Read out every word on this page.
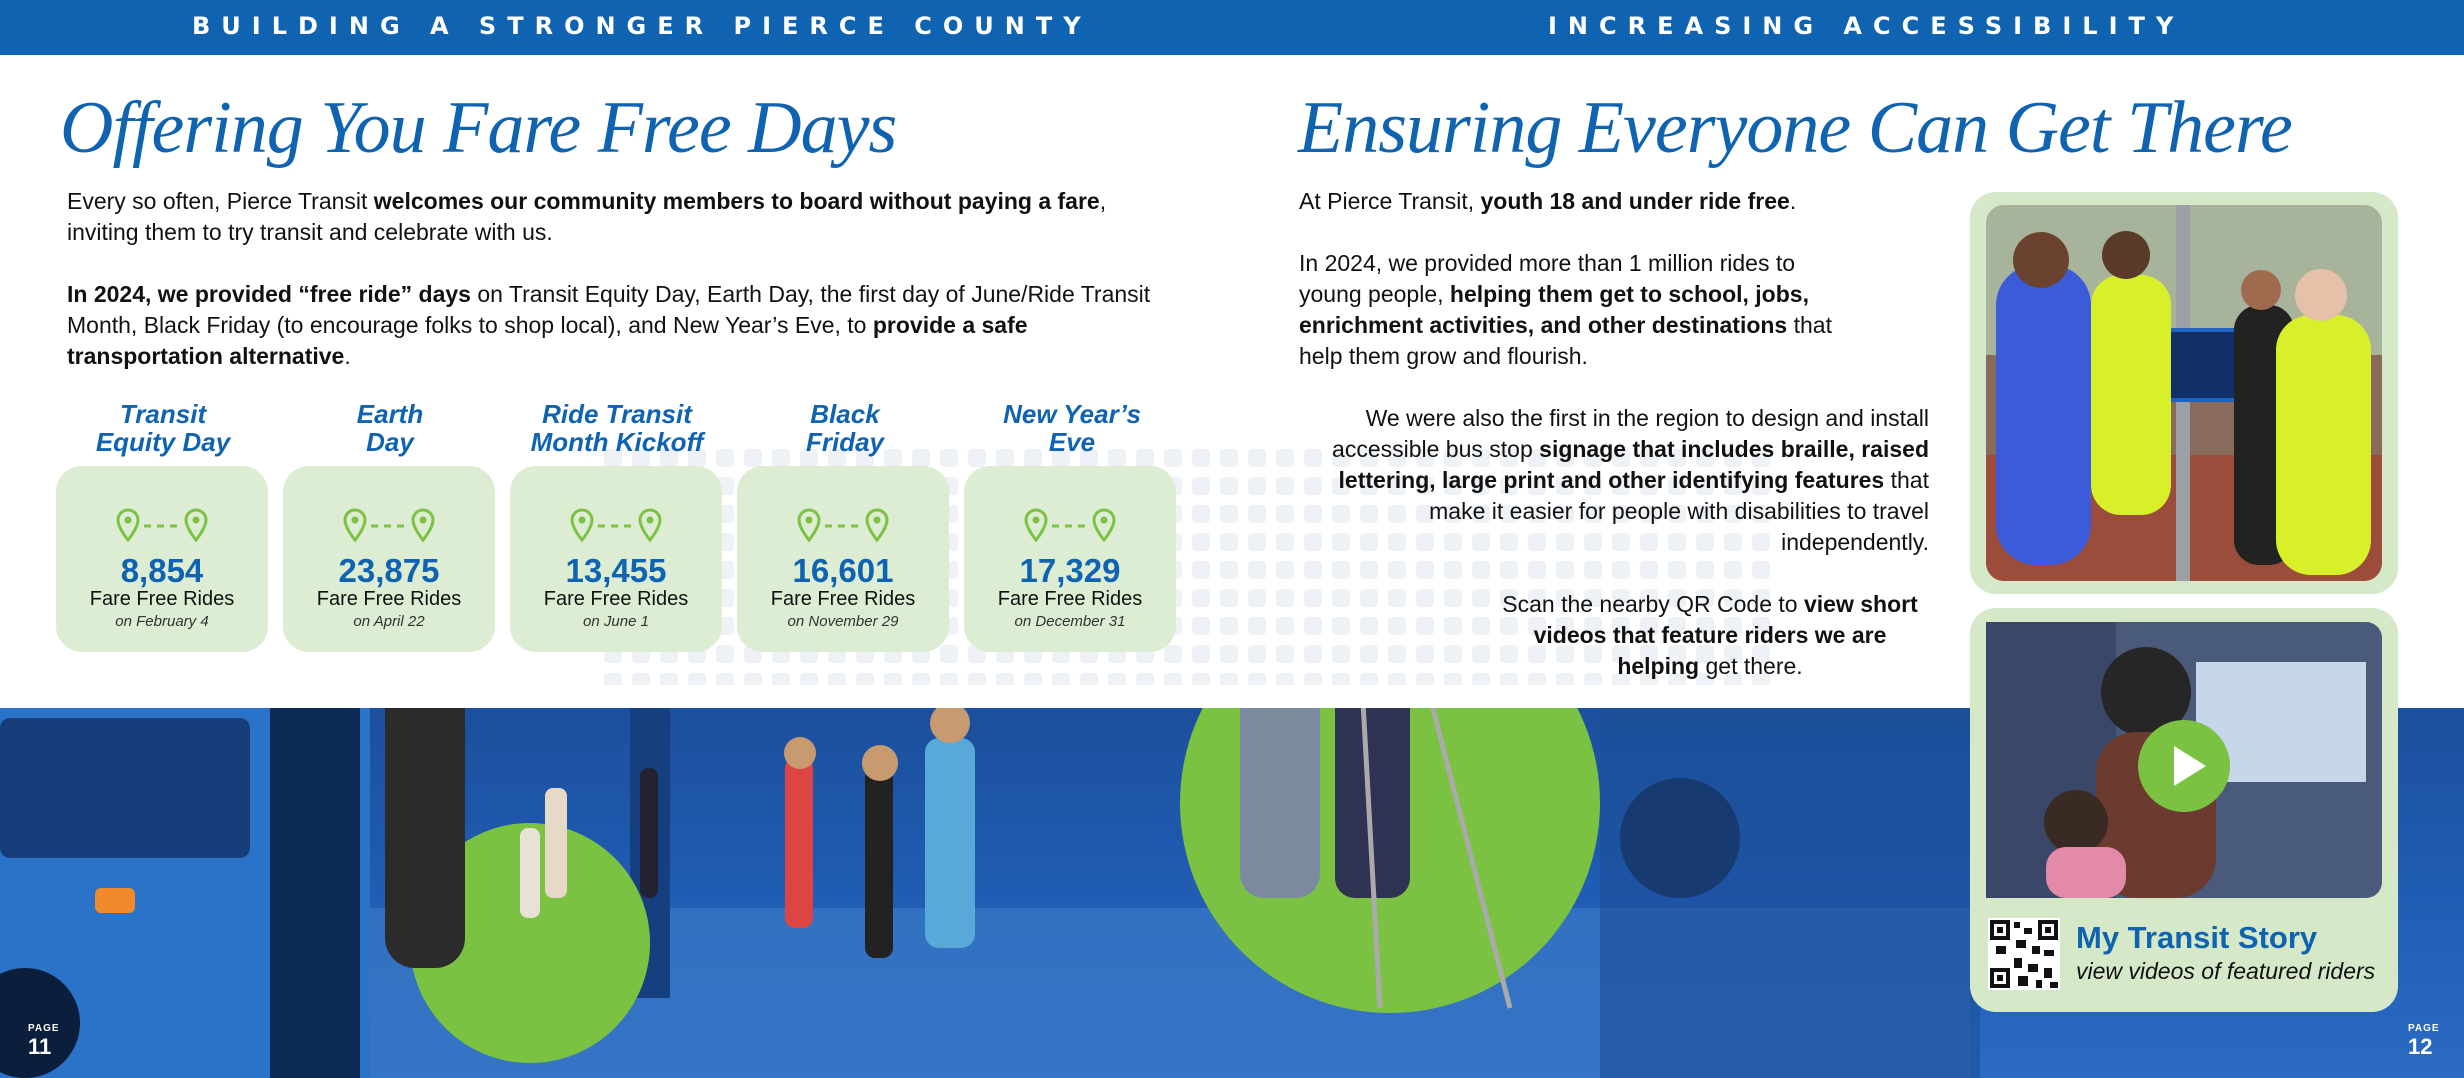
BUILDING A STRONGER PIERCE COUNTY	INCREASING ACCESSIBILITY
Offering You Fare Free Days

Every so often, Pierce Transit welcomes our community members to board without paying a fare, inviting them to try transit and celebrate with us.

In 2024, we provided “free ride” days on Transit Equity Day, Earth Day, the first day of June/Ride Transit Month, Black Friday (to encourage folks to shop local), and New Year’s Eve, to provide a safe transportation alternative.

Transit
Equity Day
Earth
Day
Ride Transit
Month Kickoff
Black
Friday
New Year’s
Eve
8,854
Fare Free Rides
on February 4
23,875
Fare Free Rides
on April 22
13,455
Fare Free Rides
on June 1
16,601
Fare Free Rides
on November 29
17,329
Fare Free Rides
on December 31
PAGE
11
Ensuring Everyone Can Get There

At Pierce Transit, youth 18 and under ride free.

In 2024, we provided more than 1 million rides to young people, helping them get to school, jobs, enrichment activities, and other destinations that help them grow and flourish.

We were also the first in the region to design and install accessible bus stop signage that includes braille, raised lettering, large print and other identifying features that make it easier for people with disabilities to travel independently.

Scan the nearby QR Code to view short videos that feature riders we are helping get there.

My Transit Story
view videos of featured riders
PAGE
12
